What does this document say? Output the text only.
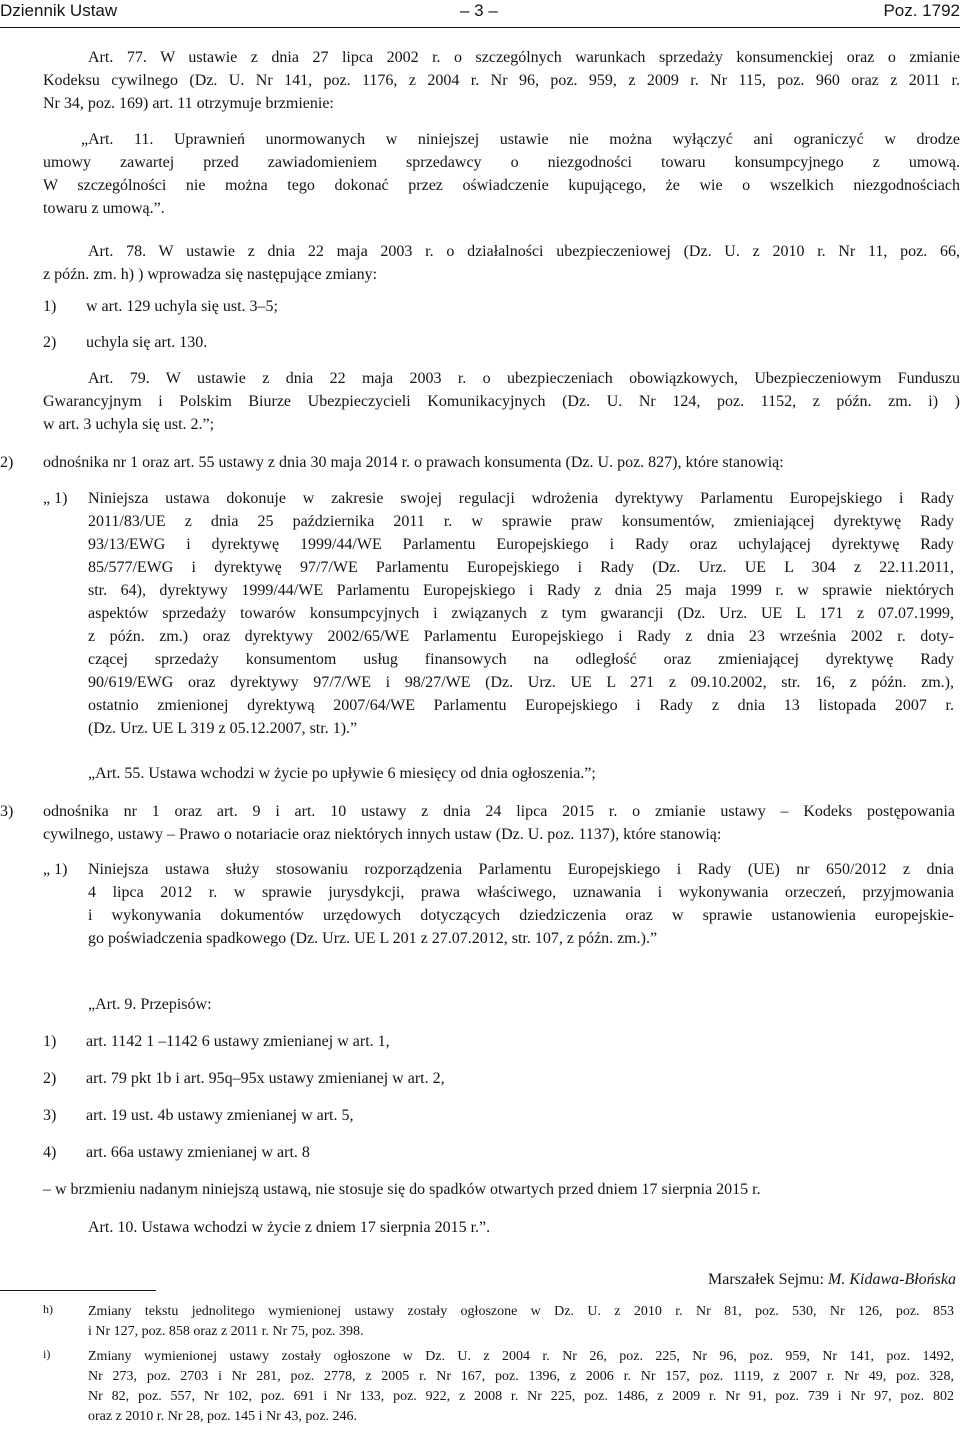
Dziennik Ustaw	– 3 –	Poz. 1792
Art. 77. W ustawie z dnia 27 lipca 2002 r. o szczególnych warunkach sprzedaży konsumenckiej oraz o zmianie
Kodeksu cywilnego (Dz. U. Nr 141, poz. 1176, z 2004 r. Nr 96, poz. 959, z 2009 r. Nr 115, poz. 960 oraz z 2011 r.
Nr 34, poz. 169) art. 11 otrzymuje brzmienie:
„Art. 11. Uprawnień unormowanych w niniejszej ustawie nie można wyłączyć ani ograniczyć w drodze
umowy zawartej przed zawiadomieniem sprzedawcy o niezgodności towaru konsumpcyjnego z umową.
W szczególności nie można tego dokonać przez oświadczenie kupującego, że wie o wszelkich niezgodnościach
towaru z umową.”.
Art. 78. W ustawie z dnia 22 maja 2003 r. o działalności ubezpieczeniowej (Dz. U. z 2010 r. Nr 11, poz. 66,
z późn. zm. h) ) wprowadza się następujące zmiany:
1) w art. 129 uchyla się ust. 3–5;
2) uchyla się art. 130.
Art. 79. W ustawie z dnia 22 maja 2003 r. o ubezpieczeniach obowiązkowych, Ubezpieczeniowym Funduszu
Gwarancyjnym i Polskim Biurze Ubezpieczycieli Komunikacyjnych (Dz. U. Nr 124, poz. 1152, z późn. zm. i) )
w art. 3 uchyla się ust. 2.”;
2) odnośnika nr 1 oraz art. 55 ustawy z dnia 30 maja 2014 r. o prawach konsumenta (Dz. U. poz. 827), które stanowią:
„ 1)	Niniejsza ustawa dokonuje w zakresie swojej regulacji wdrożenia dyrektywy Parlamentu Europejskiego i Rady
2011/83/UE z dnia 25 października 2011 r. w sprawie praw konsumentów, zmieniającej dyrektywę Rady
93/13/EWG i dyrektywę 1999/44/WE Parlamentu Europejskiego i Rady oraz uchylającej dyrektywę Rady
85/577/EWG i dyrektywę 97/7/WE Parlamentu Europejskiego i Rady (Dz. Urz. UE L 304 z 22.11.2011,
str. 64), dyrektywy 1999/44/WE Parlamentu Europejskiego i Rady z dnia 25 maja 1999 r. w sprawie niektórych
aspektów sprzedaży towarów konsumpcyjnych i związanych z tym gwarancji (Dz. Urz. UE L 171 z 07.07.1999,
z późn. zm.) oraz dyrektywy 2002/65/WE Parlamentu Europejskiego i Rady z dnia 23 września 2002 r. doty-
czącej sprzedaży konsumentom usług finansowych na odległość oraz zmieniającej dyrektywę Rady
90/619/EWG oraz dyrektywy 97/7/WE i 98/27/WE (Dz. Urz. UE L 271 z 09.10.2002, str. 16, z późn. zm.),
ostatnio zmienionej dyrektywą 2007/64/WE Parlamentu Europejskiego i Rady z dnia 13 listopada 2007 r.
(Dz. Urz. UE L 319 z 05.12.2007, str. 1).”
„Art. 55. Ustawa wchodzi w życie po upływie 6 miesięcy od dnia ogłoszenia.”;
3) odnośnika nr 1 oraz art. 9 i art. 10 ustawy z dnia 24 lipca 2015 r. o zmianie ustawy – Kodeks postępowania
cywilnego, ustawy – Prawo o notariacie oraz niektórych innych ustaw (Dz. U. poz. 1137), które stanowią:
„ 1)	Niniejsza ustawa służy stosowaniu rozporządzenia Parlamentu Europejskiego i Rady (UE) nr 650/2012 z dnia
4 lipca 2012 r. w sprawie jurysdykcji, prawa właściwego, uznawania i wykonywania orzeczeń, przyjmowania
i wykonywania dokumentów urzędowych dotyczących dziedziczenia oraz w sprawie ustanowienia europejskie-
go poświadczenia spadkowego (Dz. Urz. UE L 201 z 27.07.2012, str. 107, z późn. zm.).”
„Art. 9. Przepisów:
1) art. 1142 1 –1142 6 ustawy zmienianej w art. 1,
2) art. 79 pkt 1b i art. 95q–95x ustawy zmienianej w art. 2,
3) art. 19 ust. 4b ustawy zmienianej w art. 5,
4) art. 66a ustawy zmienianej w art. 8
– w brzmieniu nadanym niniejszą ustawą, nie stosuje się do spadków otwartych przed dniem 17 sierpnia 2015 r.
Art. 10. Ustawa wchodzi w życie z dniem 17 sierpnia 2015 r.”.
Marszałek Sejmu: M. Kidawa-Błońska
h)	Zmiany tekstu jednolitego wymienionej ustawy zostały ogłoszone w Dz. U. z 2010 r. Nr 81, poz. 530, Nr 126, poz. 853
i Nr 127, poz. 858 oraz z 2011 r. Nr 75, poz. 398.
i)	Zmiany wymienionej ustawy zostały ogłoszone w Dz. U. z 2004 r. Nr 26, poz. 225, Nr 96, poz. 959, Nr 141, poz. 1492,
Nr 273, poz. 2703 i Nr 281, poz. 2778, z 2005 r. Nr 167, poz. 1396, z 2006 r. Nr 157, poz. 1119, z 2007 r. Nr 49, poz. 328,
Nr 82, poz. 557, Nr 102, poz. 691 i Nr 133, poz. 922, z 2008 r. Nr 225, poz. 1486, z 2009 r. Nr 91, poz. 739 i Nr 97, poz. 802
oraz z 2010 r. Nr 28, poz. 145 i Nr 43, poz. 246.
